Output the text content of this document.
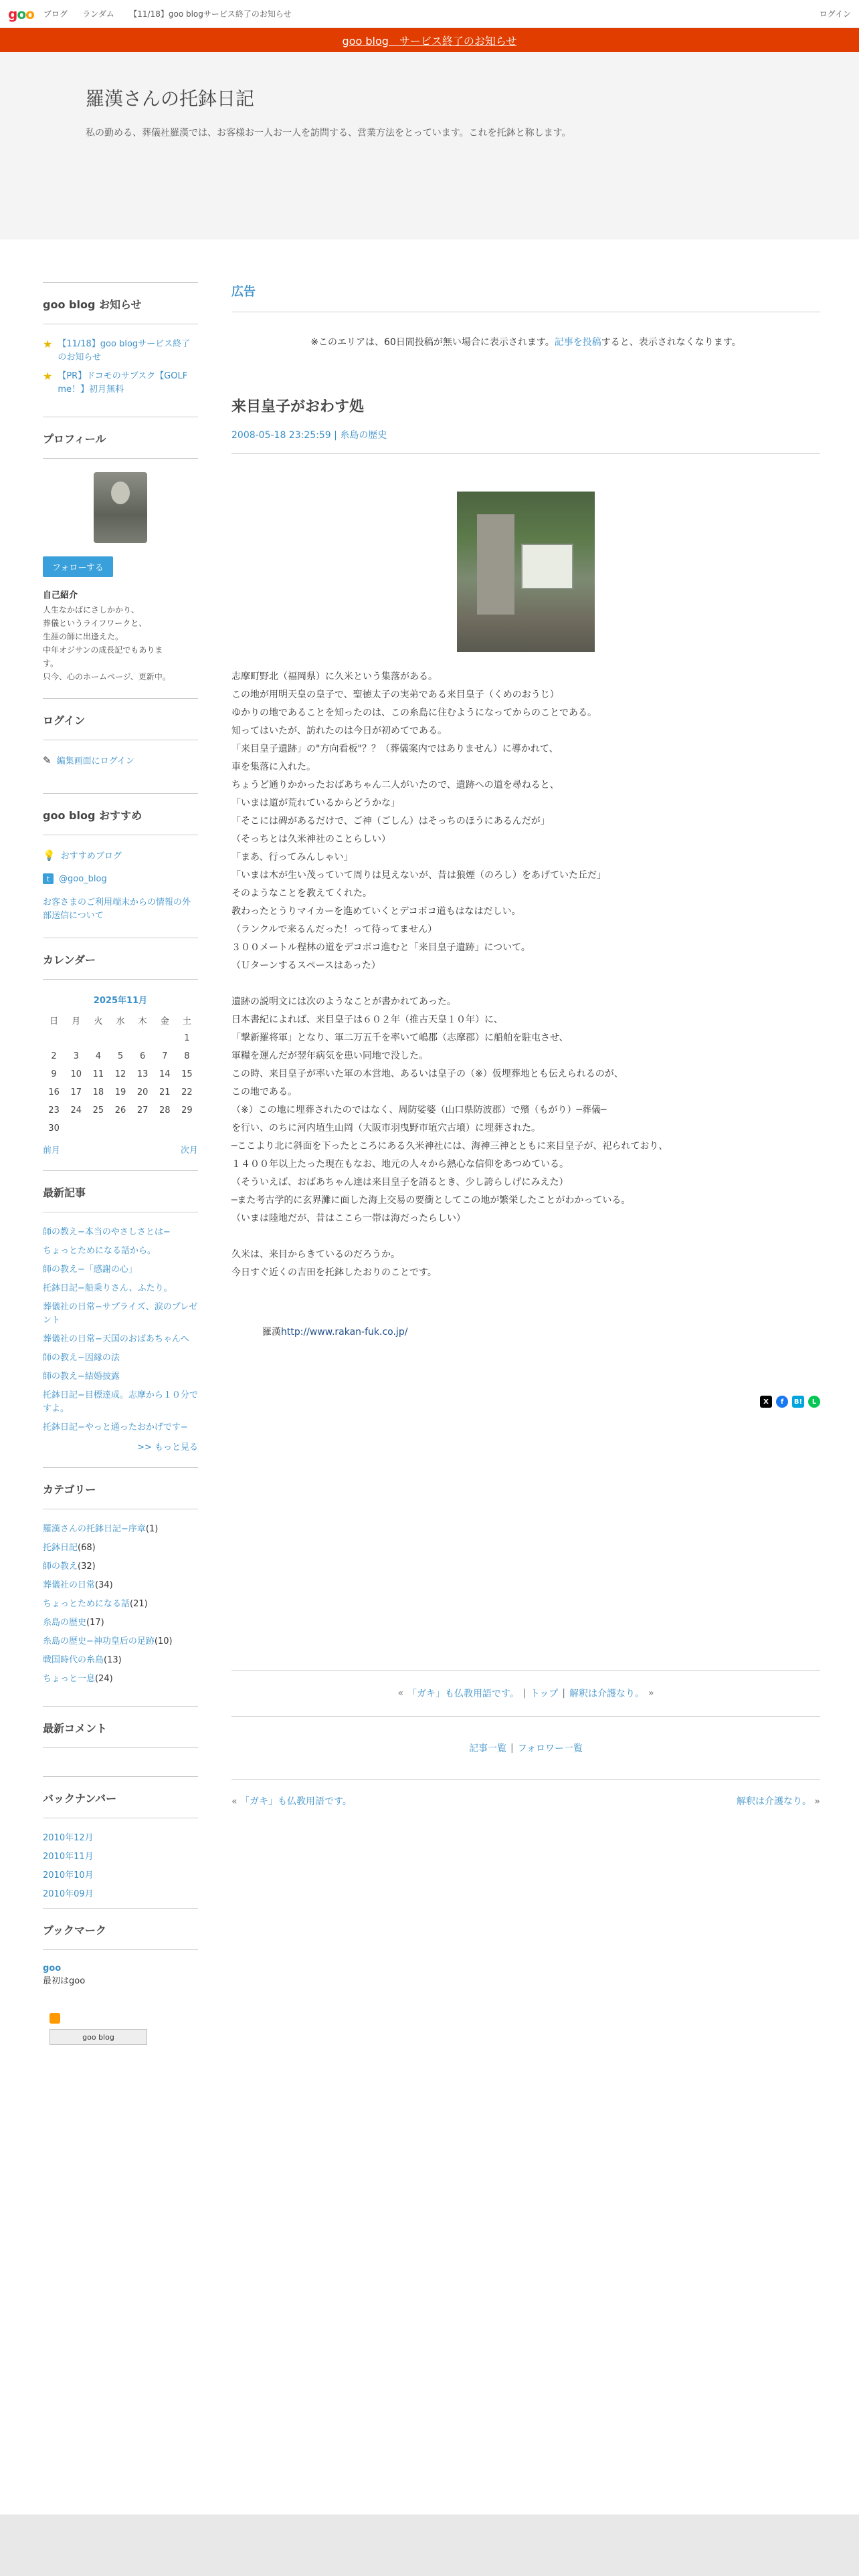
goo ブログ ランダム 【11/18】goo blogサービス終了のお知らせ	ログイン
goo blog　サービス終了のお知らせ
羅漢さんの托鉢日記

私の勤める、葬儀社羅漢では、お客様お一人お一人を訪問する、営業方法をとっています。これを托鉢と称します。

goo blog お知らせ
★ 【11/18】goo blogサービス終了のお知らせ
★ 【PR】ドコモのサブスク【GOLF me！】初月無料
プロフィール
フォローする
自己紹介
人生なかばにさしかかり、
葬儀というライフワークと、
生涯の師に出逢えた。
中年オジサンの成長記でもありま
す。
只今、心のホームページ、更新中。
ログイン
✎ 編集画面にログイン
goo blog おすすめ
💡 おすすめブログ
t	@goo_blog
お客さまのご利用端末からの情報の外部送信について
カレンダー
2025年11月
日	月	火	水	木	金	土
						1
2	3	4	5	6	7	8
9	10	11	12	13	14	15
16	17	18	19	20	21	22
23	24	25	26	27	28	29
30						
前月	次月
最新記事
師の教え−本当のやさしさとは−
ちょっとためになる話から。
師の教え−「感謝の心」
托鉢日記−船乗りさん、ふたり。
葬儀社の日常−サプライズ、涙のプレゼント
葬儀社の日常−天国のおばあちゃんへ
師の教え−因縁の法
師の教え−結婚披露
托鉢日記−目標達成。志摩から１０分ですよ。
托鉢日記−やっと通ったおかげです−
>> もっと見る
カテゴリー
羅漢さんの托鉢日記−序章(1)
托鉢日記(68)
師の教え(32)
葬儀社の日常(34)
ちょっとためになる話(21)
糸島の歴史(17)
糸島の歴史−神功皇后の足跡(10)
戦国時代の糸島(13)
ちょっと一息(24)
最新コメント
バックナンバー
2010年12月
2010年11月
2010年10月
2010年09月
ブックマーク
goo
最初はgoo
goo blog
広告

※このエリアは、60日間投稿が無い場合に表示されます。記事を投稿すると、表示されなくなります。

来目皇子がおわす処
2008-05-18 23:25:59 | 糸島の歴史

志摩町野北（福岡県）に久米という集落がある。

この地が用明天皇の皇子で、聖徳太子の実弟である来目皇子（くめのおうじ）

ゆかりの地であることを知ったのは、この糸島に住むようになってからのことである。

知ってはいたが、訪れたのは今日が初めてである。

「来目皇子遺跡」の"方向看板"？？（葬儀案内ではありません）に導かれて、

車を集落に入れた。

ちょうど通りかかったおばあちゃん二人がいたので、遺跡への道を尋ねると、

「いまは道が荒れているからどうかな」

「そこには碑があるだけで、ご神（ごしん）はそっちのほうにあるんだが」

（そっちとは久米神社のことらしい）

「まあ、行ってみんしゃい」

「いまは木が生い茂っていて周りは見えないが、昔は狼煙（のろし）をあげていた丘だ」

そのようなことを教えてくれた。

教わったとうりマイカーを進めていくとデコボコ道もはなはだしい。

（ランクルで来るんだった！って待ってません）

３００メートル程林の道をデコボコ進むと「来目皇子遺跡」について。

（Ｕターンするスペースはあった）

遺跡の説明文には次のようなことが書かれてあった。

日本書紀によれば、来目皇子は６０２年（推古天皇１０年）に、

「撃新羅将軍」となり、軍二万五千を率いて嶋郡（志摩郡）に船舶を駐屯させ、

軍糧を運んだが翌年病気を患い同地で没した。

この時、来目皇子が率いた軍の本営地、あるいは皇子の（※）仮埋葬地とも伝えられるのが、

この地である。

（※）この地に埋葬されたのではなく、周防娑婆（山口県防波郡）で殯（もがり）─葬儀─

を行い、のちに河内埴生山岡（大阪市羽曳野市埴穴古墳）に埋葬された。

─ここより北に斜面を下ったところにある久米神社には、海神三神とともに来目皇子が、祀られており、

１４００年以上たった現在もなお、地元の人々から熱心な信仰をあつめている。

（そういえば、おばあちゃん達は来目皇子を語るとき、少し誇らしげにみえた）

─また考古学的に玄界灘に面した海上交易の要衝としてこの地が繁栄したことがわかっている。

（いまは陸地だが、昔はここら一帯は海だったらしい）

久米は、来目からきているのだろうか。

今日すぐ近くの吉田を托鉢したおりのことです。

羅漢http://www.rakan-fuk.co.jp/

X	f	B!	L
« 「ガキ」も仏教用語です。 | トップ | 解釈は介護なり。 »
記事一覧 | フォロワー一覧
« 「ガキ」も仏教用語です。	解釈は介護なり。 »
